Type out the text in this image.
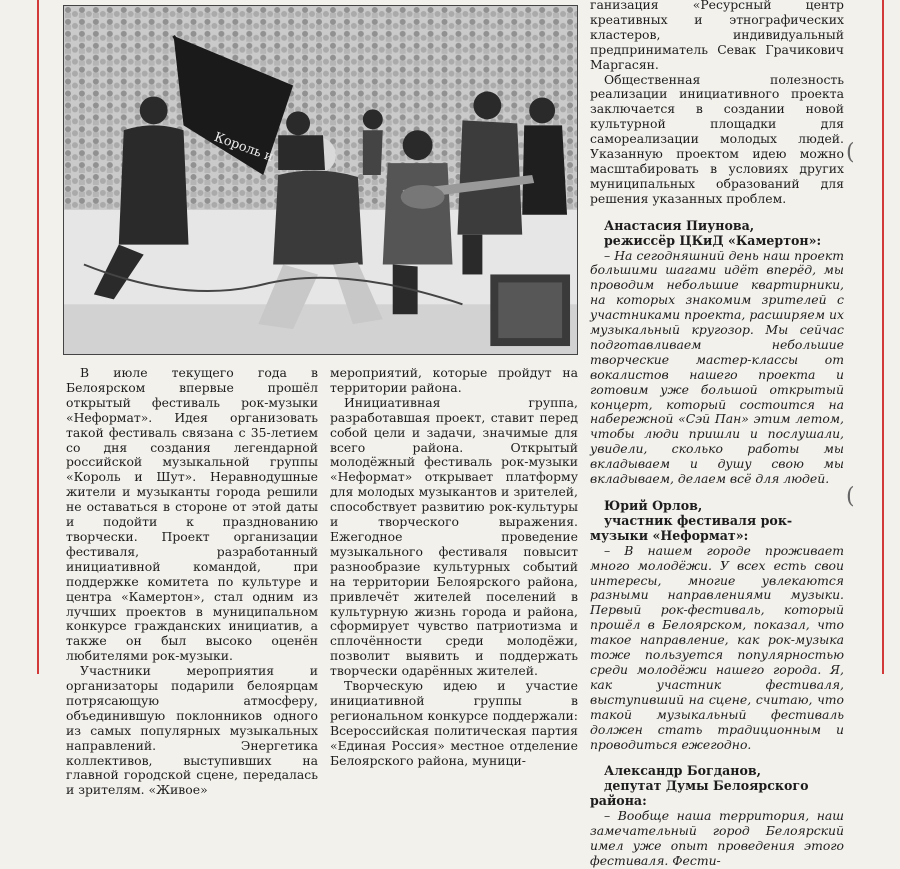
Король и

В июле текущего года в Белоярском впервые прошёл открытый фестиваль рок-музыки «Неформат». Идея организовать такой фестиваль связана с 35-летием со дня создания легендарной российской музыкальной группы «Король и Шут». Неравнодушные жители и музыканты города решили не оставаться в стороне от этой даты и подойти к празднованию творчески. Проект организации фестиваля, разработанный инициативной командой, при поддержке комитета по культуре и центра «Камертон», стал одним из лучших проектов в муниципальном конкурсе гражданских инициатив, а также он был высоко оценён любителями рок-музыки.

Участники мероприятия и организаторы подарили белоярцам потрясающую атмосферу, объединившую поклонников одного из самых популярных музыкальных направлений. Энергетика коллективов, выступивших на главной городской сцене, передалась и зрителям. «Живое»

мероприятий, которые пройдут на территории района.

Инициативная группа, разработавшая проект, ставит перед собой цели и задачи, значимые для всего района. Открытый молодёжный фестиваль рок-музыки «Неформат» открывает платформу для молодых музыкантов и зрителей, способствует развитию рок-культуры и творческого выражения. Ежегодное проведение музыкального фестиваля повысит разнообразие культурных событий на территории Белоярского района, привлечёт жителей поселений в культурную жизнь города и района, сформирует чувство патриотизма и сплочённости среди молодёжи, позволит выявить и поддержать творчески одарённых жителей.

Творческую идею и участие инициативной группы в региональном конкурсе поддержали: Всероссийская политическая партия «Единая Россия» местное отделение Белоярского района, муници-

ганизация «Ресурсный центр креативных и этнографических кластеров, индивидуальный предприниматель Севак Грачикович Маргасян.

Общественная полезность реализации инициативного проекта заключается в создании новой культурной площадки для самореализации молодых людей. Указанную проектом идею можно масштабировать в условиях других муниципальных образований для решения указанных проблем.

Анастасия Пиунова,

режиссёр ЦКиД «Камертон»:

– На сегодняшний день наш проект большими шагами идёт вперёд, мы проводим небольшие квартирники, на которых знакомим зрителей с участниками проекта, расширяем их музыкальный кругозор. Мы сейчас подготавливаем небольшие творческие мастер-классы от вокалистов нашего проекта и готовим уже большой открытый концерт, который состоится на набережной «Сэй Пан» этим летом, чтобы люди пришли и послушали, увидели, сколько работы мы вкладываем и душу свою мы вкладываем, делаем всё для людей.

Юрий Орлов,

участник фестиваля рок-музыки «Неформат»:

– В нашем городе проживает много молодёжи. У всех есть свои интересы, многие увлекаются разными направлениями музыки. Первый рок-фестиваль, который прошёл в Белоярском, показал, что такое направление, как рок-музыка тоже пользуется популярностью среди молодёжи нашего города. Я, как участник фестиваля, выступивший на сцене, считаю, что такой музыкальный фестиваль должен стать традиционным и проводиться ежегодно.

Александр Богданов,

депутат Думы Белоярского района:

– Вообще наша территория, наш замечательный город Белоярский имел уже опыт проведения этого фестиваля. Фести-

(
(
